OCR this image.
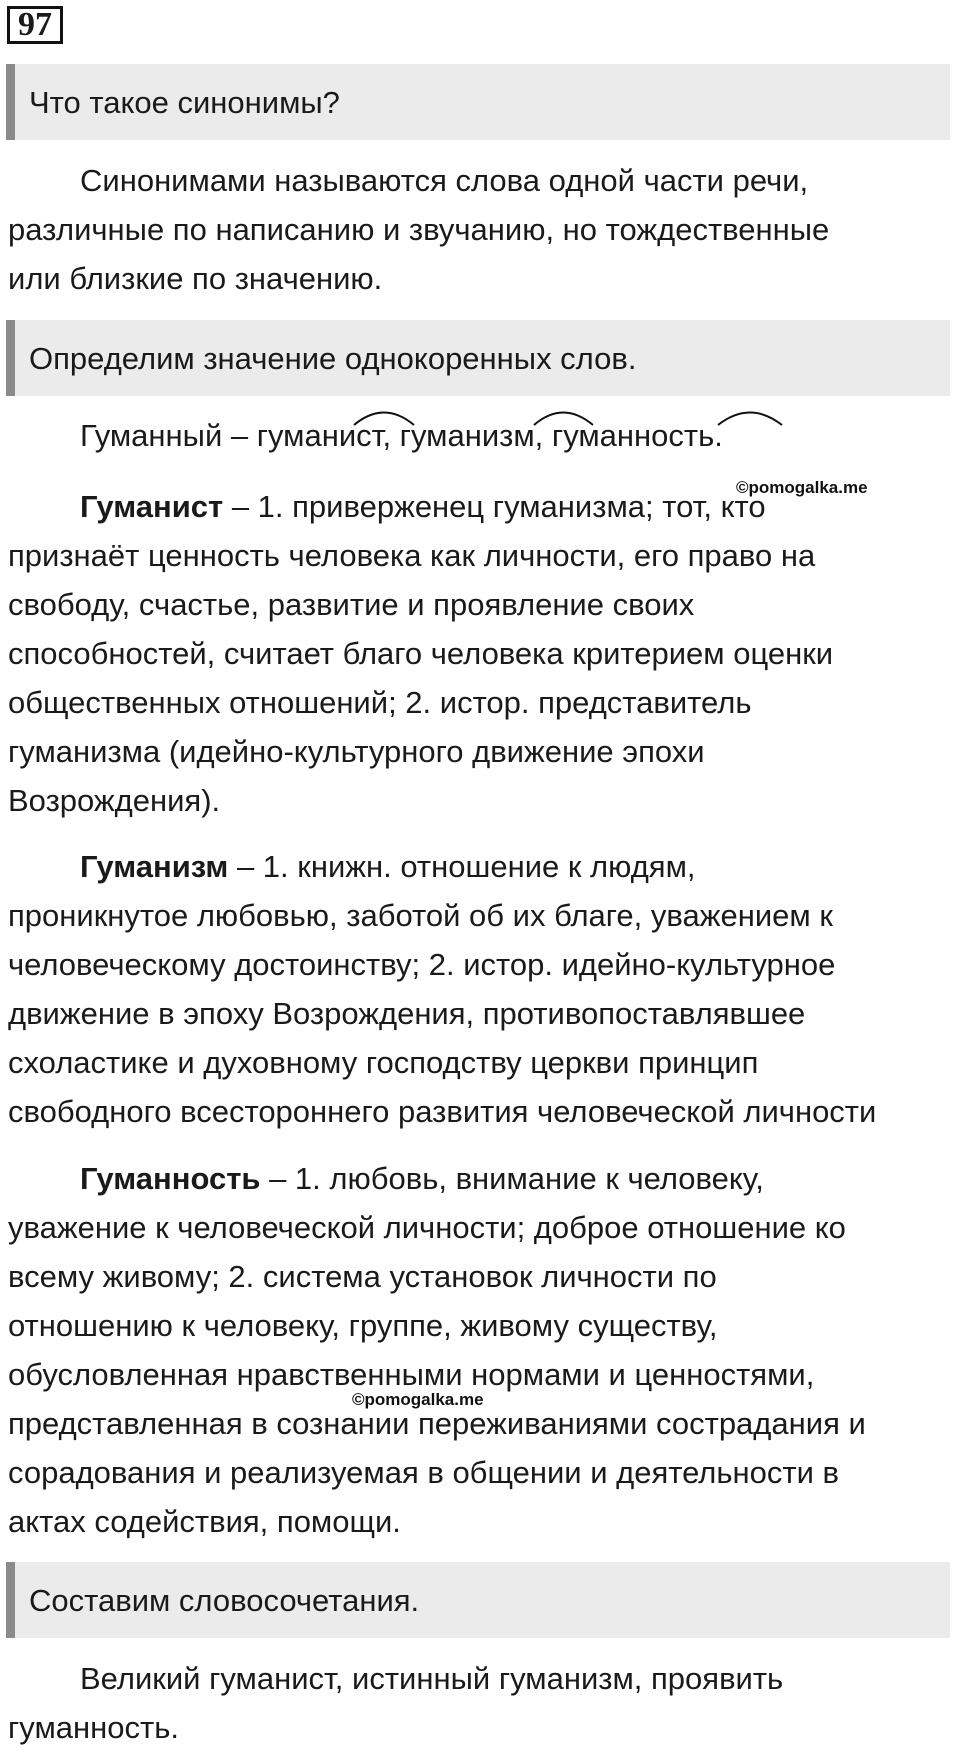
97
Что такое синонимы?
Синонимами называются слова одной части речи,
различные по написанию и звучанию, но тождественные
или близкие по значению.
Определим значение однокоренных слов.
Гуманный – гуманист, гуманизм, гуманность.
©pomogalka.me
Гуманист – 1. приверженец гуманизма; тот, кто
признаёт ценность человека как личности, его право на
свободу, счастье, развитие и проявление своих
способностей, считает благо человека критерием оценки
общественных отношений; 2. истор. представитель
гуманизма (идейно-культурного движение эпохи
Возрождения).
Гуманизм – 1. книжн. отношение к людям,
проникнутое любовью, заботой об их благе, уважением к
человеческому достоинству; 2. истор. идейно-культурное
движение в эпоху Возрождения, противопоставлявшее
схоластике и духовному господству церкви принцип
свободного всестороннего развития человеческой личности
Гуманность – 1. любовь, внимание к человеку,
уважение к человеческой личности; доброе отношение ко
всему живому; 2. система установок личности по
отношению к человеку, группе, живому существу,
обусловленная нравственными нормами и ценностями,
представленная в сознании переживаниями сострадания и
сорадования и реализуемая в общении и деятельности в
актах содействия, помощи.
©pomogalka.me
Составим словосочетания.
Великий гуманист, истинный гуманизм, проявить
гуманность.
